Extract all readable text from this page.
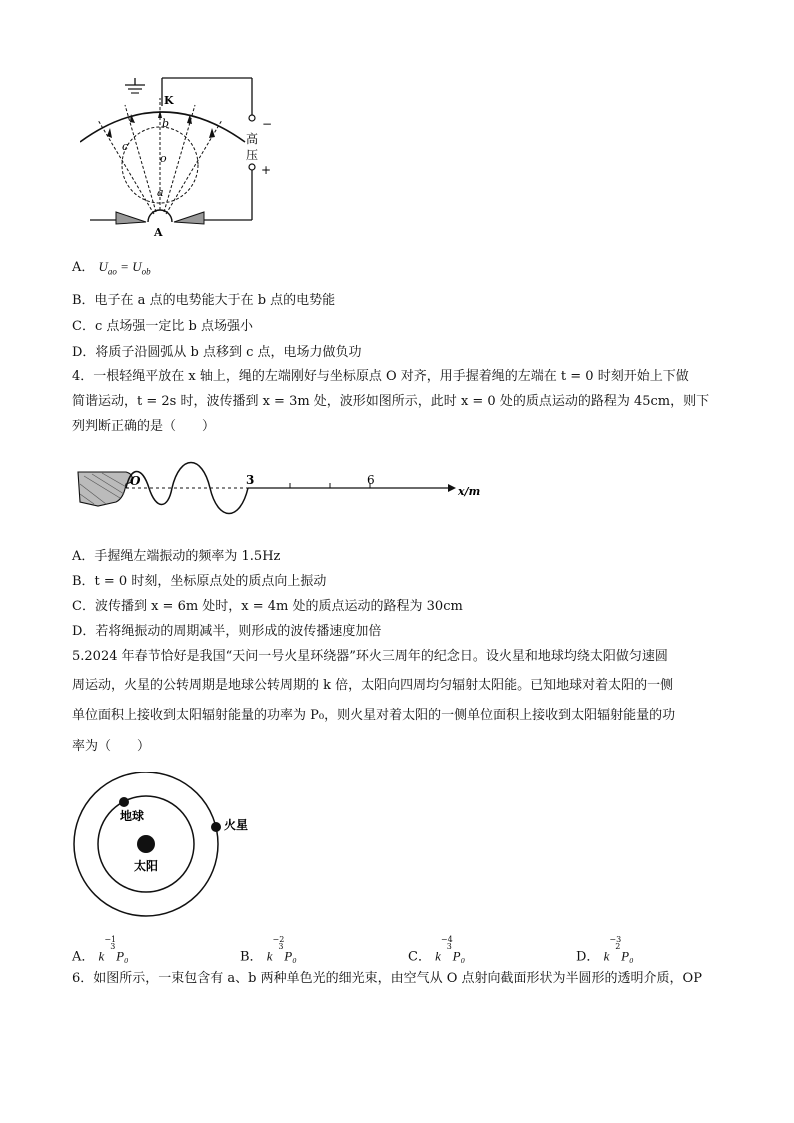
K
b
c
o
a
A
−
高
压
+
A． $U_{ao} = U_{ob}$
B．电子在 a 点的电势能大于在 b 点的电势能
C．c 点场强一定比 b 点场强小
D．将质子沿圆弧从 b 点移到 c 点，电场力做负功
4．一根轻绳平放在 x 轴上，绳的左端刚好与坐标原点 O 对齐，用手握着绳的左端在 t = 0 时刻开始上下做
简谐运动，t = 2s 时，波传播到 x = 3m 处，波形如图所示，此时 x = 0 处的质点运动的路程为 45cm，则下
列判断正确的是（　　）
O	3	6
x/m
A．手握绳左端振动的频率为 1.5Hz
B．t = 0 时刻，坐标原点处的质点向上振动
C．波传播到 x = 6m 处时，x = 4m 处的质点运动的路程为 30cm
D．若将绳振动的周期减半，则形成的波传播速度加倍
5.2024 年春节恰好是我国“天问一号火星环绕器”环火三周年的纪念日。设火星和地球均绕太阳做匀速圆
周运动，火星的公转周期是地球公转周期的 k 倍，太阳向四周均匀辐射太阳能。已知地球对着太阳的一侧
单位面积上接收到太阳辐射能量的功率为 P₀，则火星对着太阳的一侧单位面积上接收到太阳辐射能量的功
率为（　　）
地球
太阳
火星
A． $k^{-1 3}P_0$	B． $k^{-2 3}P_0$	C． $k^{-4 3}P_0$	D． $k^{-3 2}P_0$
6．如图所示，一束包含有 a、b 两种单色光的细光束，由空气从 O 点射向截面形状为半圆形的透明介质，OP
